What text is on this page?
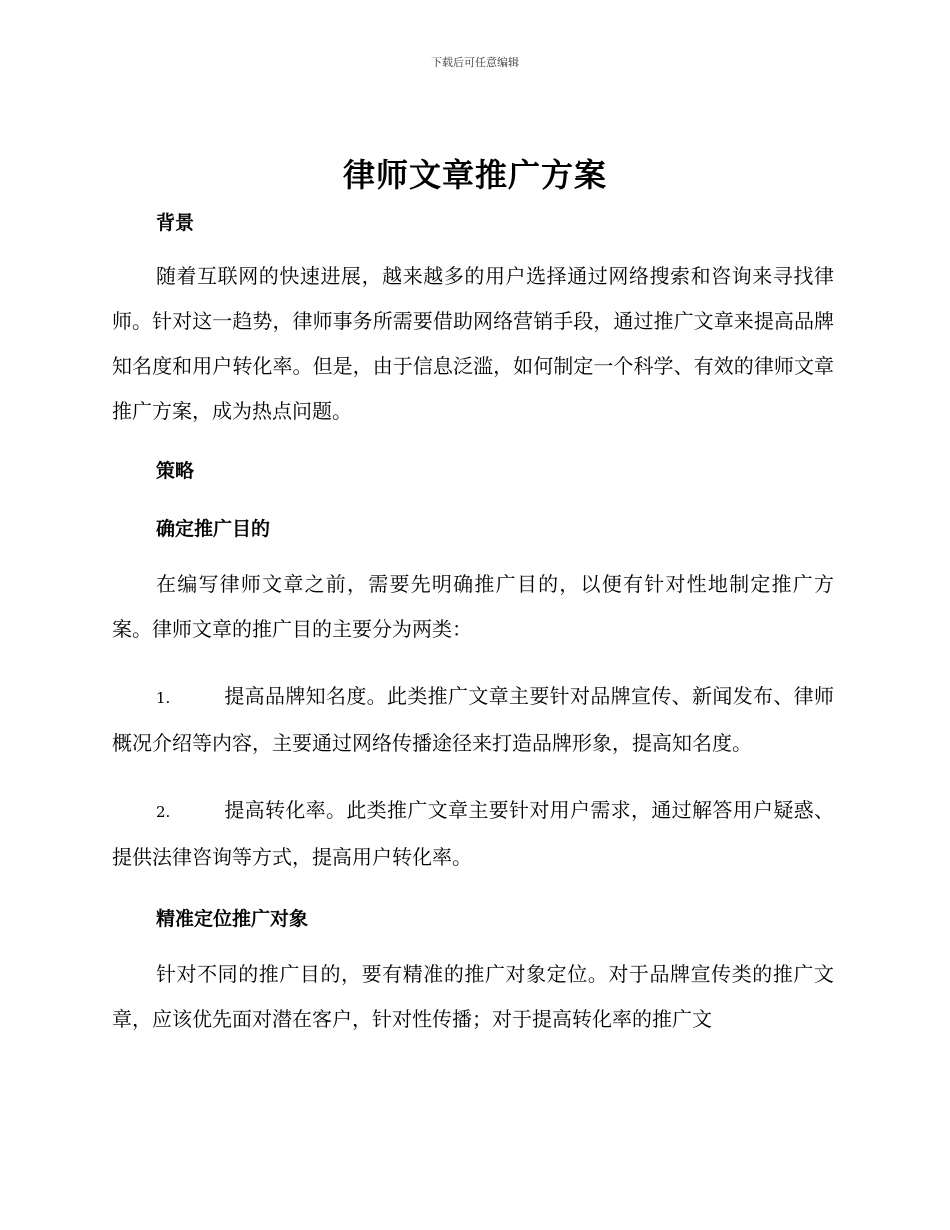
下载后可任意编辑
律师文章推广方案

背景

随着互联网的快速进展，越来越多的用户选择通过网络搜索和咨询来寻找律师。针对这一趋势，律师事务所需要借助网络营销手段，通过推广文章来提高品牌知名度和用户转化率。但是，由于信息泛滥，如何制定一个科学、有效的律师文章推广方案，成为热点问题。

策略

确定推广目的

在编写律师文章之前，需要先明确推广目的，以便有针对性地制定推广方案。律师文章的推广目的主要分为两类：

1.	提高品牌知名度。此类推广文章主要针对品牌宣传、新闻发布、律师概况介绍等内容，主要通过网络传播途径来打造品牌形象，提高知名度。

2.	提高转化率。此类推广文章主要针对用户需求，通过解答用户疑惑、提供法律咨询等方式，提高用户转化率。

精准定位推广对象

针对不同的推广目的，要有精准的推广对象定位。对于品牌宣传类的推广文章，应该优先面对潜在客户，针对性传播；对于提高转化率的推广文
